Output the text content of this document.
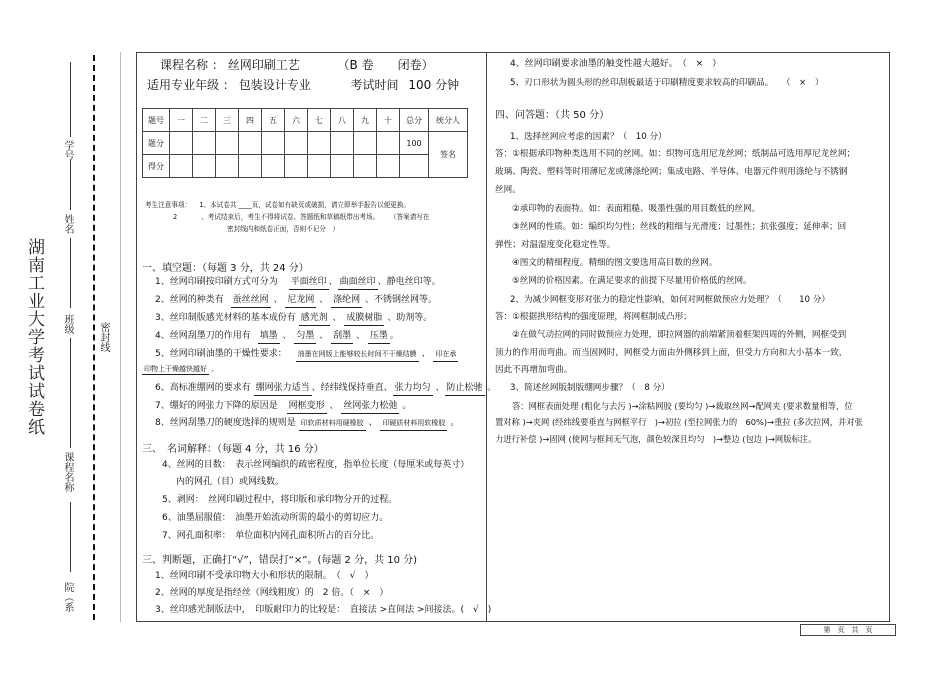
学号
姓名
班级
课程名称
院（系
湖南工业大学考试试卷纸	密封线
课程名称 ： 丝网印刷工艺	（B 卷　　闭卷）
适用专业年级 ： 包装设计专业	考试时间 100 分钟
题号	一	二	三	四	五	六	七	八	九	十	总分	统分人
题分											100	签名
得分												
考生注意事项： 1、本试卷共 ____页，试卷如有缺页或破损，请立即举手报告以便更换。
2	、考试结束后，考生不得将试卷、答题纸和草稿纸带出考场。 （答案请写在
密封线内和纸卷正面，否则不记分　）
一、填空题：（每题 3 分，共 24 分）
1、丝网印刷按印刷方式可分为 平面丝印 、 曲面丝印 、静电丝印等。
2、丝网的种类有 蚕丝丝网 、 尼龙网 、 涤纶网 、不锈钢丝网等。
3、丝印制版感光材料的基本成份有 感光剂 、 成膜树脂 、助剂等。
4、丝网刮墨刀的作用有 填墨 、 匀墨 、 刮墨 、 压墨 。
5、丝网印刷油墨的干燥性要求： 油墨在网版上能够较长时间不干燥结膜 、 印在承
印物上干燥越快越好 。
6、高标准绷网的要求有 绷网张力适当 、经纬线保持垂直、 张力均匀 、 防止松驰 。
7、绷好的网张力下降的原因是 网框变形 、 丝网张力松弛 。
8、丝网刮墨刀的硬度选择的规则是 印软质材料用硬橡胶 、 印硬质材料用软橡胶 。
三、　名词解释：（每题 4 分，共 16 分）
4、丝网的目数：　表示丝网编织的疏密程度，指单位长度（每厘米或每英寸）
内的网孔（目）或网线数。
5、剥网：　丝网印刷过程中，将印版和承印物分开的过程。
6、油墨屈服值：　油墨开始流动所需的最小的剪切应力。
7、网孔面积率：　单位面积内网孔面积所占的百分比。
三、判断题，正确打“√”，错误打“×”。(每题 2 分，共 10 分)
1、丝网印刷不受承印物大小和形状的限制。　（　√　）
2、丝网的厚度是指经丝（网线粗度）的　2 倍。（　×　）
3、丝印感光制版法中，　印版耐印力的比较是：　直接法 >直间法 >间接法。(　√　)
4、丝网印刷要求油墨的触变性越大越好。　（　×　）
5、刃口形状为圆头形的丝印刮板最适于印刷精度要求较高的印刷品。　　（　×　）
四、问答题：（共 50 分）
1、选择丝网应考虑的因素？（　10 分）
答：①根据承印物种类选用不同的丝网。如：织物可选用尼龙丝网；纸制品可选用厚尼龙丝网；
玻璃、陶瓷、塑料等时用薄尼龙或薄涤纶网；集成电路、半导体、电器元件则用涤纶与不锈钢
丝网。
②承印物的表面特。如：表面粗糙、吸墨性强的用目数低的丝网。
③丝网的性质。如：编织均匀性；丝线的粗细与光滑度；过墨性；抗张强度；延伸率；回
弹性；对温湿度变化稳定性等。
④图文的精细程度。精细的图文要选用高目数的丝网。
⑤丝网的价格因素。在满足要求的前提下尽量用价格低的丝网。
2、为减少网框变形对张力的稳定性影响，如何对网框做预应力处理？（　　10 分）
答：①根据拱形结构的强度原理，将网框制成凸形；
②在做气动拉网的同时做预应力处理，即拉网器的前端紧顶着框架四周的外侧，网框受到
顶力的作用而弯曲。而当固网时，网框受力面由外侧移到上面，但受力方向和大小基本一致，
因此不再增加弯曲。
3、简述丝网版制版绷网步骤？（　8 分）
答：网框表面处理 (粗化与去污 )→涂粘网胶 (要均匀 )→裁取丝网→配网夹 (要求数量相等，位
置对称 )→夹网 (经纬线要垂直与网框平行　)→初拉 (至拉网张力的　60%)→重拉 (多次拉网，并对张
力进行补偿 )→固网 (使网与框间无气泡，颜色较深且均匀　)→整边 (包边 )→网版标注。
第　页　共　页
